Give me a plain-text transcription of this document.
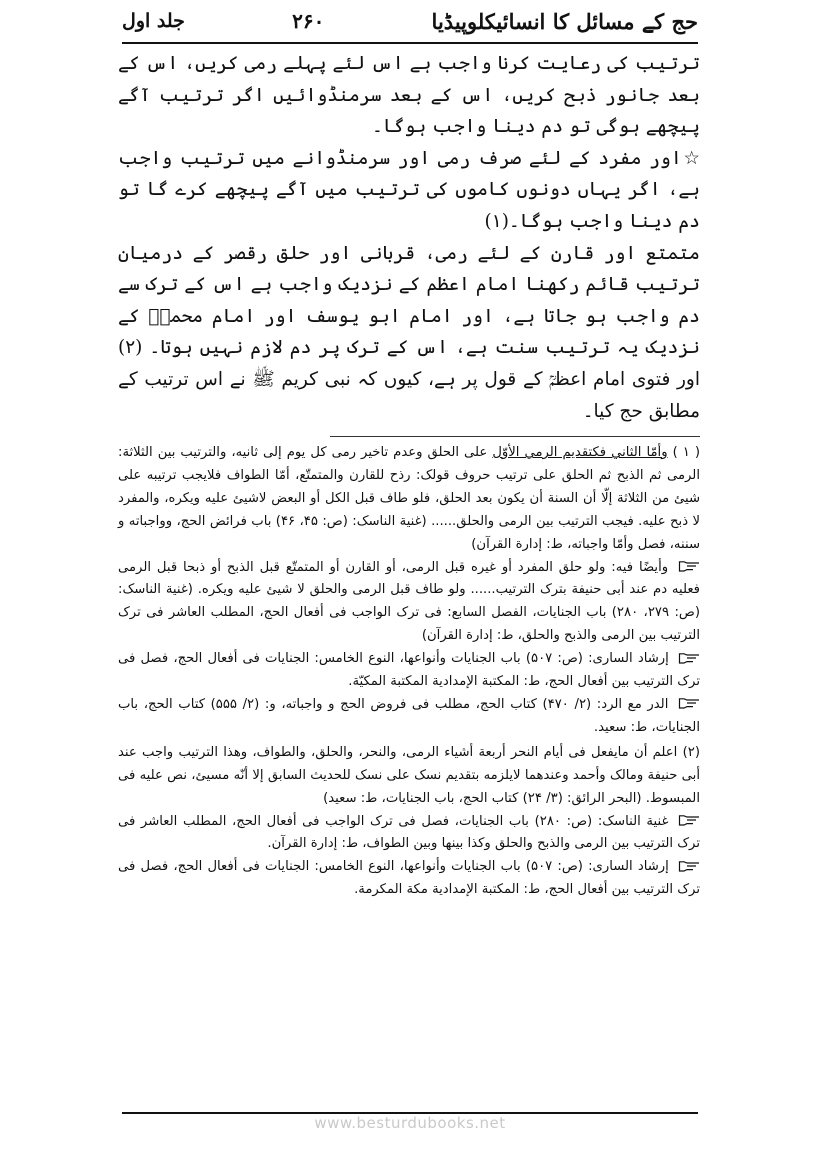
حج کے مسائل کا انسائیکلوپیڈیا
۲۶۰
جلد اول

ترتیب کی رعایت کرنا واجب ہے اس لئے پہلے رمی کریں، اس کے بعد جانور ذبح کریں، اس کے بعد سرمنڈوائیں اگر ترتیب آگے پیچھے ہوگی تو دم دینا واجب ہوگا۔

☆اور مفرد کے لئے صرف رمی اور سرمنڈوانے میں ترتیب واجب ہے، اگر یہاں دونوں کاموں کی ترتیب میں آگے پیچھے کرے گا تو دم دینا واجب ہوگا۔(۱)

متمتع اور قارن کے لئے رمی، قربانی اور حلق رقصر کے درمیان ترتیب قائم رکھنا امام اعظم کے نزدیک واجب ہے اس کے ترک سے دم واجب ہو جاتا ہے، اور امام ابو یوسف اور امام محمدؒ کے نزدیک یہ ترتیب سنت ہے، اس کے ترک پر دم لازم نہیں ہوتا۔ (۲) اور فتوی امام اعظمؒ کے قول پر ہے، کیوں کہ نبی کریم ﷺ نے اس ترتیب کے مطابق حج کیا۔

( ۱ ) وأمّا الثاني فكتقديم الرمي الأوّل على الحلق وعدم تاخير رمى كل يوم إلى ثانيه، والترتيب بين الثلاثة: الرمى ثم الذبح ثم الحلق على ترتيب حروف قولک: رذح للقارن والمتمتّع، أمّا الطواف فلايجب ترتيبه على شيئ من الثلاثة إلّا أن السنة أن يكون بعد الحلق، فلو طاف قبل الكل أو البعض لاشيئ عليه ويكره، والمفرد لا ذبح عليه. فيجب الترتيب بين الرمى والحلق...... (غنية الناسک: (ص: ۴۵، ۴۶) باب فرائض الحج، وواجباته و سننه، فصل وأمّا واجباته، ط: إدارة القرآن)

وأيضًا فيه: ولو حلق المفرد أو غيره قبل الرمى، أو القارن أو المتمتّع قبل الذبح أو ذبحا قبل الرمى فعليه دم عند أبى حنيفة بترک الترتيب...... ولو طاف قبل الرمى والحلق لا شيئ عليه ويكره. (غنية الناسک: (ص: ۲۷۹، ۲۸۰) باب الجنايات، الفصل السابع: فى ترک الواجب فى أفعال الحج، المطلب العاشر فى ترک الترتيب بين الرمى والذبح والحلق، ط: إدارة القرآن)

إرشاد السارى: (ص: ۵۰۷) باب الجنايات وأنواعها، النوع الخامس: الجنايات فى أفعال الحج، فصل فى ترک الترتيب بين أفعال الحج، ط: المكتبة الإمدادية المكتبة المكيّة.

الدر مع الرد: (۲/ ۴۷۰) كتاب الحج، مطلب فى فروض الحج و واجباته، و: (۲/ ۵۵۵) كتاب الحج، باب الجنايات، ط: سعيد.

(۲) اعلم أن مايفعل فى أيام النحر أربعة أشياء الرمى، والنحر، والحلق، والطواف، وهذا الترتيب واجب عند أبى حنيفة ومالک وأحمد وعندهما لايلزمه بتقديم نسک على نسک للحديث السابق إلا أنّه مسيئ، نص عليه فى المبسوط. (البحر الرائق: (۳/ ۲۴) كتاب الحج، باب الجنايات، ط: سعيد)

غنية الناسک: (ص: ۲۸۰) باب الجنايات، فصل فى ترک الواجب فى أفعال الحج، المطلب العاشر فى ترک الترتيب بين الرمى والذبح والحلق وكذا بينها وبين الطواف، ط: إدارة القرآن.

إرشاد السارى: (ص: ۵۰۷) باب الجنايات وأنواعها، النوع الخامس: الجنايات فى أفعال الحج، فصل فى ترک الترتيب بين أفعال الحج، ط: المكتبة الإمدادية مكة المكرمة.

www.besturdubooks.net
